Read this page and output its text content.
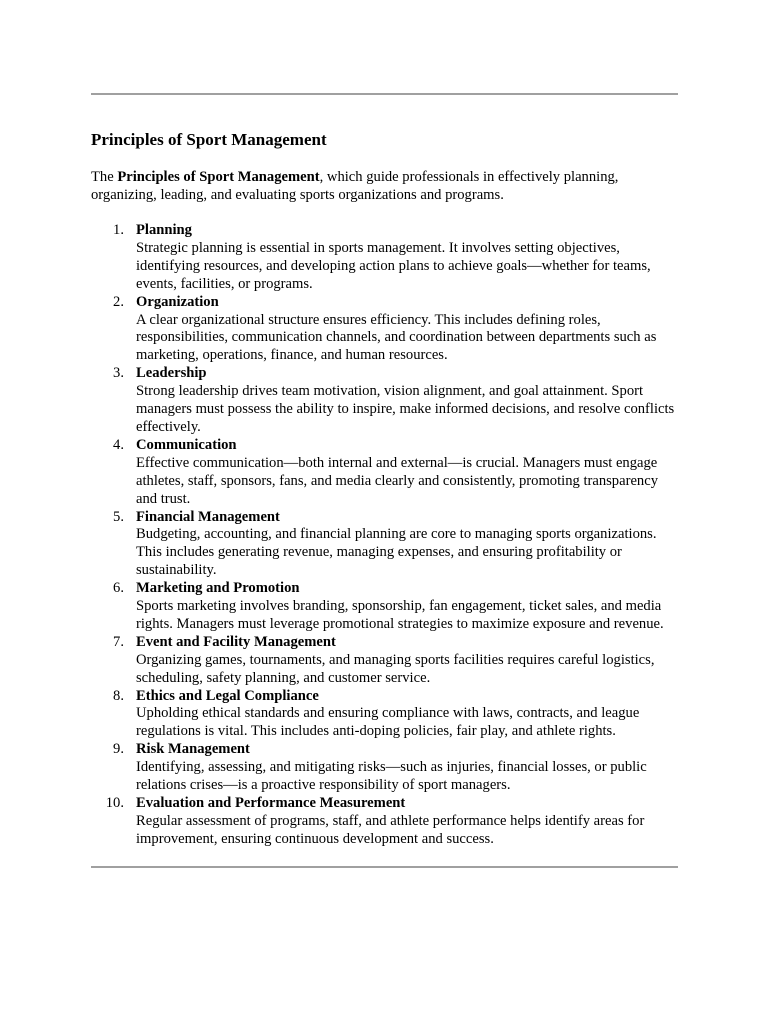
Principles of Sport Management

The Principles of Sport Management, which guide professionals in effectively planning, organizing, leading, and evaluating sports organizations and programs.

1. Planning
Strategic planning is essential in sports management. It involves setting objectives, identifying resources, and developing action plans to achieve goals—whether for teams, events, facilities, or programs.
2. Organization
A clear organizational structure ensures efficiency. This includes defining roles, responsibilities, communication channels, and coordination between departments such as marketing, operations, finance, and human resources.
3. Leadership
Strong leadership drives team motivation, vision alignment, and goal attainment. Sport managers must possess the ability to inspire, make informed decisions, and resolve conflicts effectively.
4. Communication
Effective communication—both internal and external—is crucial. Managers must engage athletes, staff, sponsors, fans, and media clearly and consistently, promoting transparency and trust.
5. Financial Management
Budgeting, accounting, and financial planning are core to managing sports organizations. This includes generating revenue, managing expenses, and ensuring profitability or sustainability.
6. Marketing and Promotion
Sports marketing involves branding, sponsorship, fan engagement, ticket sales, and media rights. Managers must leverage promotional strategies to maximize exposure and revenue.
7. Event and Facility Management
Organizing games, tournaments, and managing sports facilities requires careful logistics, scheduling, safety planning, and customer service.
8. Ethics and Legal Compliance
Upholding ethical standards and ensuring compliance with laws, contracts, and league regulations is vital. This includes anti-doping policies, fair play, and athlete rights.
9. Risk Management
Identifying, assessing, and mitigating risks—such as injuries, financial losses, or public relations crises—is a proactive responsibility of sport managers.
10. Evaluation and Performance Measurement
Regular assessment of programs, staff, and athlete performance helps identify areas for improvement, ensuring continuous development and success.
